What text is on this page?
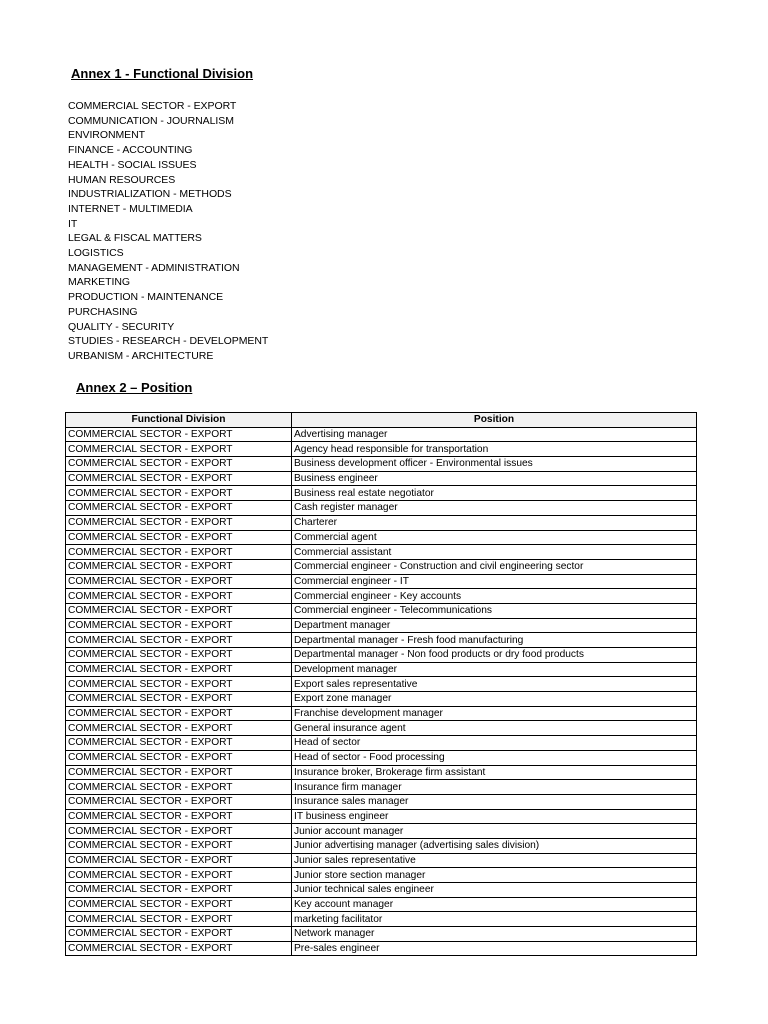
Annex 1 - Functional Division
COMMERCIAL SECTOR - EXPORT
COMMUNICATION - JOURNALISM
ENVIRONMENT
FINANCE - ACCOUNTING
HEALTH - SOCIAL ISSUES
HUMAN RESOURCES
INDUSTRIALIZATION - METHODS
INTERNET - MULTIMEDIA
IT
LEGAL & FISCAL MATTERS
LOGISTICS
MANAGEMENT - ADMINISTRATION
MARKETING
PRODUCTION - MAINTENANCE
PURCHASING
QUALITY - SECURITY
STUDIES - RESEARCH - DEVELOPMENT
URBANISM - ARCHITECTURE
Annex 2 – Position
Functional Division	Position
COMMERCIAL SECTOR - EXPORT	Advertising manager
COMMERCIAL SECTOR - EXPORT	Agency head responsible for transportation
COMMERCIAL SECTOR - EXPORT	Business development officer - Environmental issues
COMMERCIAL SECTOR - EXPORT	Business engineer
COMMERCIAL SECTOR - EXPORT	Business real estate negotiator
COMMERCIAL SECTOR - EXPORT	Cash register manager
COMMERCIAL SECTOR - EXPORT	Charterer
COMMERCIAL SECTOR - EXPORT	Commercial agent
COMMERCIAL SECTOR - EXPORT	Commercial assistant
COMMERCIAL SECTOR - EXPORT	Commercial engineer - Construction and civil engineering sector
COMMERCIAL SECTOR - EXPORT	Commercial engineer - IT
COMMERCIAL SECTOR - EXPORT	Commercial engineer - Key accounts
COMMERCIAL SECTOR - EXPORT	Commercial engineer - Telecommunications
COMMERCIAL SECTOR - EXPORT	Department manager
COMMERCIAL SECTOR - EXPORT	Departmental manager - Fresh food manufacturing
COMMERCIAL SECTOR - EXPORT	Departmental manager - Non food products or dry food products
COMMERCIAL SECTOR - EXPORT	Development manager
COMMERCIAL SECTOR - EXPORT	Export sales representative
COMMERCIAL SECTOR - EXPORT	Export zone manager
COMMERCIAL SECTOR - EXPORT	Franchise development manager
COMMERCIAL SECTOR - EXPORT	General insurance agent
COMMERCIAL SECTOR - EXPORT	Head of sector
COMMERCIAL SECTOR - EXPORT	Head of sector - Food processing
COMMERCIAL SECTOR - EXPORT	Insurance broker, Brokerage firm assistant
COMMERCIAL SECTOR - EXPORT	Insurance firm manager
COMMERCIAL SECTOR - EXPORT	Insurance sales manager
COMMERCIAL SECTOR - EXPORT	IT business engineer
COMMERCIAL SECTOR - EXPORT	Junior account manager
COMMERCIAL SECTOR - EXPORT	Junior advertising manager (advertising sales division)
COMMERCIAL SECTOR - EXPORT	Junior sales representative
COMMERCIAL SECTOR - EXPORT	Junior store section manager
COMMERCIAL SECTOR - EXPORT	Junior technical sales engineer
COMMERCIAL SECTOR - EXPORT	Key account manager
COMMERCIAL SECTOR - EXPORT	marketing facilitator
COMMERCIAL SECTOR - EXPORT	Network manager
COMMERCIAL SECTOR - EXPORT	Pre-sales engineer
